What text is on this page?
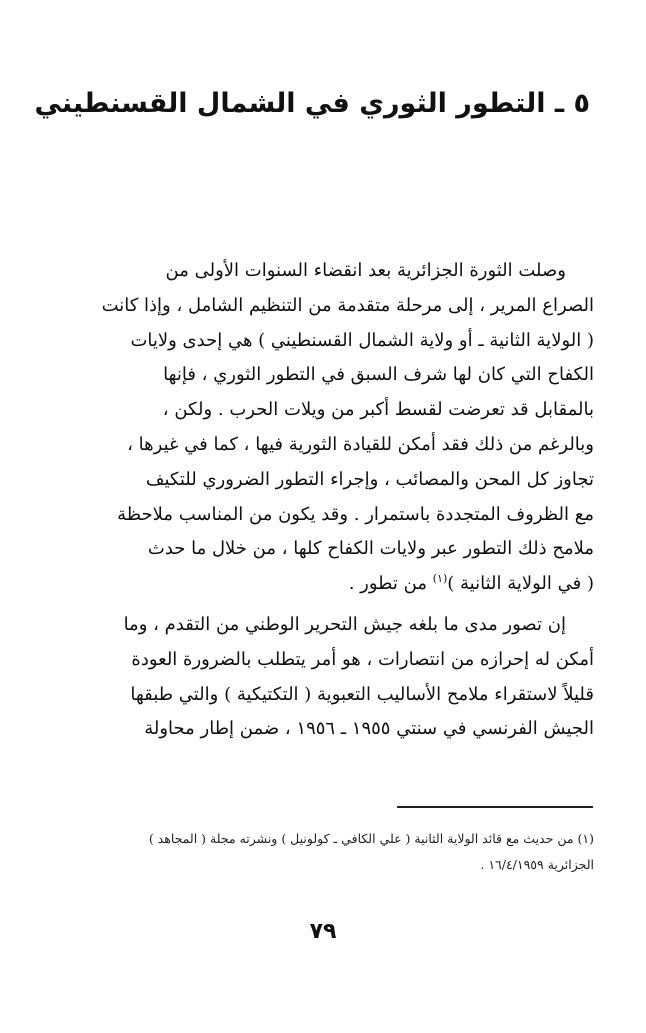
٥ ـ التطور الثوري في الشمال القسنطيني

وصلت الثورة الجزائرية بعد انقضاء السنوات الأولى من
الصراع المرير ، إلى مرحلة متقدمة من التنظيم الشامل ، وإذا كانت
( الولاية الثانية ـ أو ولاية الشمال القسنطيني ) هي إحدى ولايات
الكفاح التي كان لها شرف السبق في التطور الثوري ، فإنها
بالمقابل قد تعرضت لقسط أكبر من ويلات الحرب . ولكن ،
وبالرغم من ذلك فقد أمكن للقيادة الثورية فيها ، كما في غيرها ،
تجاوز كل المحن والمصائب ، وإجراء التطور الضروري للتكيف
مع الظروف المتجددة باستمرار . وقد يكون من المناسب ملاحظة
ملامح ذلك التطور عبر ولايات الكفاح كلها ، من خلال ما حدث
( في الولاية الثانية )$^{(١)}$ من تطور .

إن تصور مدى ما بلغه جيش التحرير الوطني من التقدم ، وما
أمكن له إحرازه من انتصارات ، هو أمر يتطلب بالضرورة العودة
قليلاً لاستقراء ملامح الأساليب التعبوية ( التكتيكية ) والتي طبقها
الجيش الفرنسي في سنتي ١٩٥٥ ـ ١٩٥٦ ، ضمن إطار محاولة

(١) من حديث مع قائد الولاية الثانية ( علي الكافي ـ كولونيل ) ونشرته مجلة ( المجاهد )
الجزائرية ١٦/٤/١٩٥٩ .
٧٩
